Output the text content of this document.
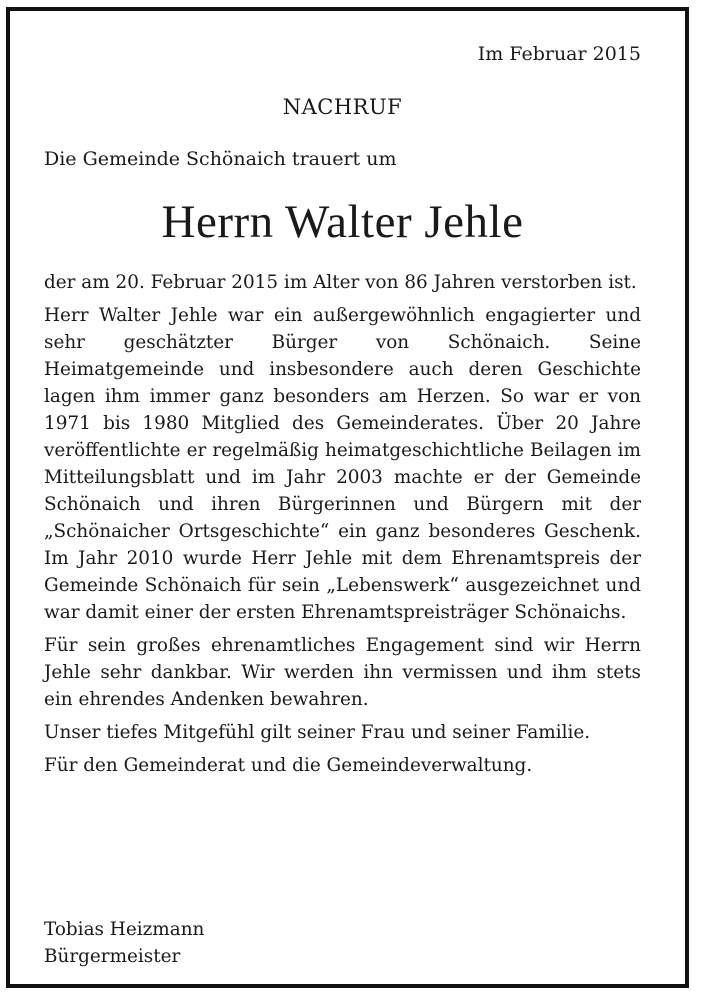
Im Februar 2015
NACHRUF
Die Gemeinde Schönaich trauert um
Herrn Walter Jehle

der am 20. Februar 2015 im Alter von 86 Jahren verstorben ist.

Herr Walter Jehle war ein außergewöhnlich engagierter und sehr geschätzter Bürger von Schönaich. Seine Heimatgemeinde und insbesondere auch deren Geschichte lagen ihm immer ganz besonders am Herzen. So war er von 1971 bis 1980 Mitglied des Gemeinderates. Über 20 Jahre veröffentlichte er regelmäßig heimatgeschichtliche Beilagen im Mitteilungsblatt und im Jahr 2003 machte er der Gemeinde Schönaich und ihren Bürgerinnen und Bürgern mit der „Schönaicher Ortsgeschichte“ ein ganz besonderes Geschenk. Im Jahr 2010 wurde Herr Jehle mit dem Ehrenamtspreis der Gemeinde Schönaich für sein „Lebenswerk“ ausgezeichnet und war damit einer der ersten Ehrenamtspreisträger Schönaichs.

Für sein großes ehrenamtliches Engagement sind wir Herrn Jehle sehr dankbar. Wir werden ihn vermissen und ihm stets ein ehrendes Andenken bewahren.

Unser tiefes Mitgefühl gilt seiner Frau und seiner Familie.

Für den Gemeinderat und die Gemeindeverwaltung.

Tobias Heizmann
Bürgermeister
